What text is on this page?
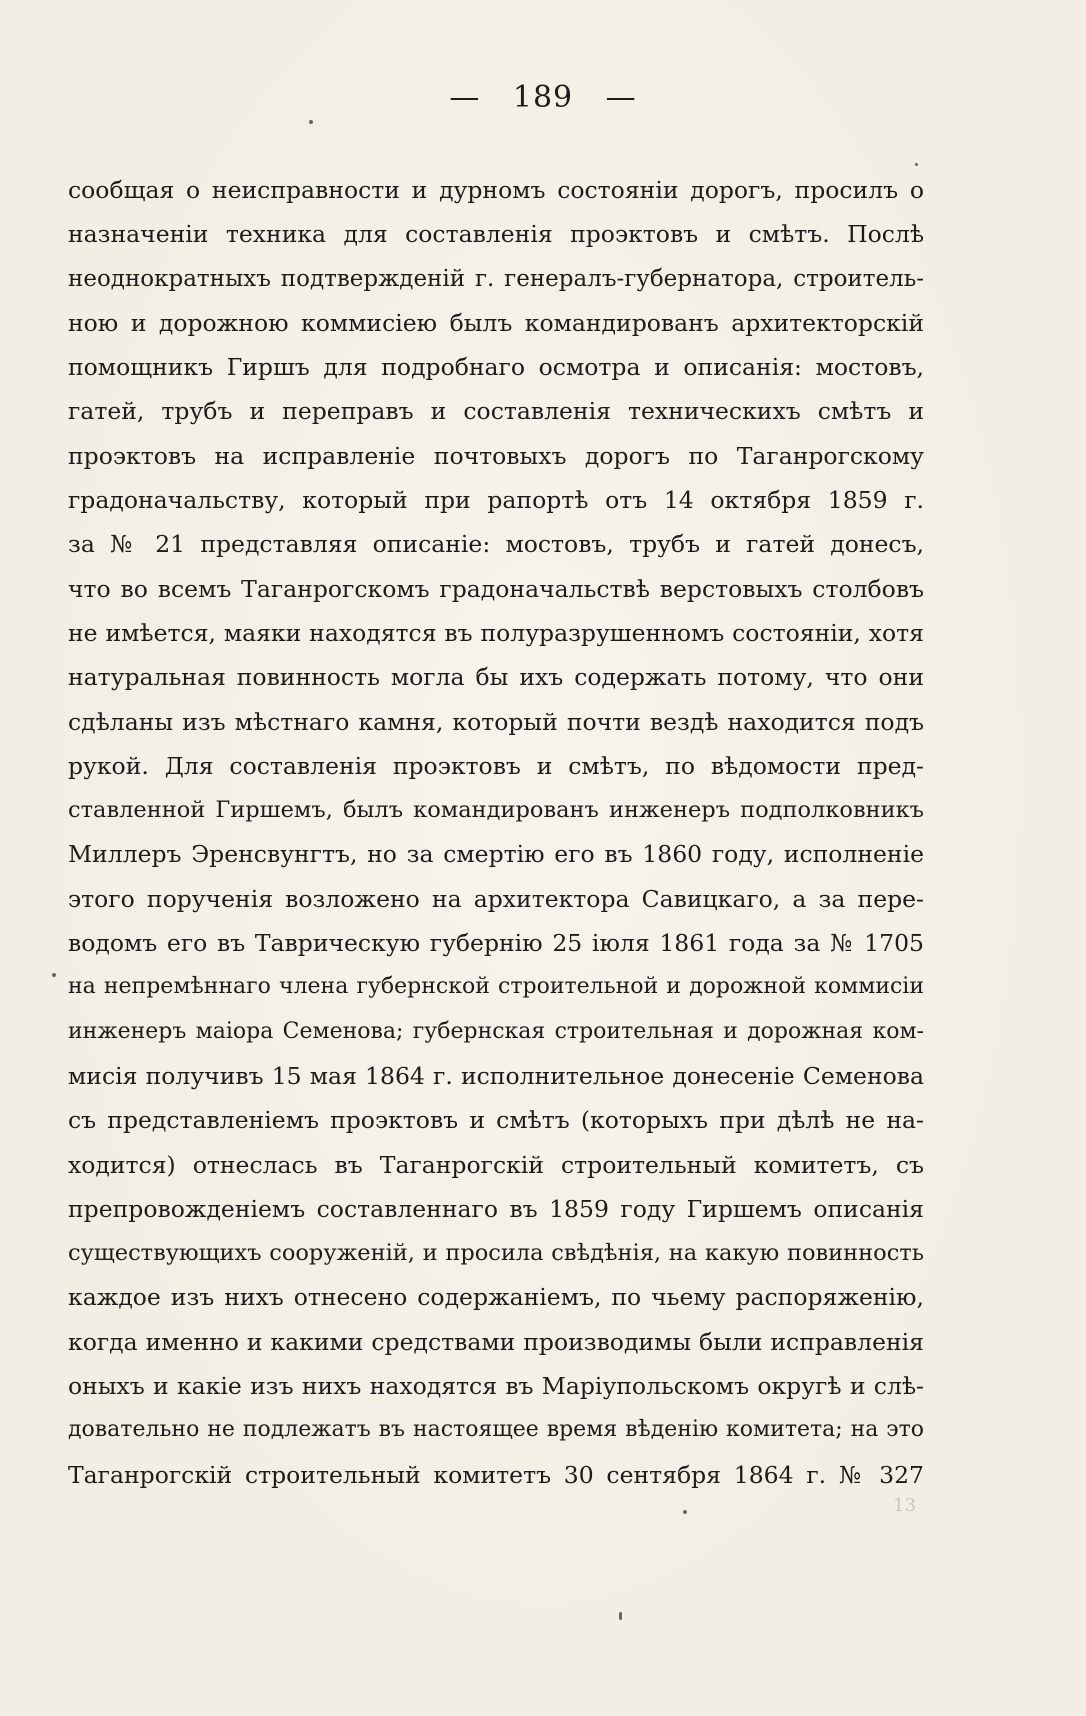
— 189 —
сообщая о неисправности и дурномъ состояніи дорогъ, просилъ о
назначеніи техника для составленія проэктовъ и смѣтъ. Послѣ
неоднократныхъ подтвержденій г. генералъ-губернатора, строитель-
ною и дорожною коммисіею былъ командированъ архитекторскій
помощникъ Гиршъ для подробнаго осмотра и описанія: мостовъ,
гатей, трубъ и переправъ и составленія техническихъ смѣтъ и
проэктовъ на исправленіе почтовыхъ дорогъ по Таганрогскому
градоначальству, который при рапортѣ отъ 14 октября 1859 г.
за № 21 представляя описаніе: мостовъ, трубъ и гатей донесъ,
что во всемъ Таганрогскомъ градоначальствѣ верстовыхъ столбовъ
не имѣется, маяки находятся въ полуразрушенномъ состояніи, хотя
натуральная повинность могла бы ихъ содержать потому, что они
сдѣланы изъ мѣстнаго камня, который почти вездѣ находится подъ
рукой. Для составленія проэктовъ и смѣтъ, по вѣдомости пред-
ставленной Гиршемъ, былъ командированъ инженеръ подполковникъ
Миллеръ Эренсвунгтъ, но за смертію его въ 1860 году, исполненіе
этого порученія возложено на архитектора Савицкаго, а за пере-
водомъ его въ Таврическую губернію 25 іюля 1861 года за № 1705
на непремѣннаго члена губернской строительной и дорожной коммисіи
инженеръ маіора Семенова; губернская строительная и дорожная ком-
мисія получивъ 15 мая 1864 г. исполнительное донесеніе Семенова
съ представленіемъ проэктовъ и смѣтъ (которыхъ при дѣлѣ не на-
ходится) отнеслась въ Таганрогскій строительный комитетъ, съ
препровожденіемъ составленнаго въ 1859 году Гиршемъ описанія
существующихъ сооруженій, и просила свѣдѣнія, на какую повинность
каждое изъ нихъ отнесено содержаніемъ, по чьему распоряженію,
когда именно и какими средствами производимы были исправленія
оныхъ и какіе изъ нихъ находятся въ Маріупольскомъ округѣ и слѣ-
довательно не подлежатъ въ настоящее время вѣденію комитета; на это
Таганрогскій строительный комитетъ 30 сентября 1864 г. № 327
13
